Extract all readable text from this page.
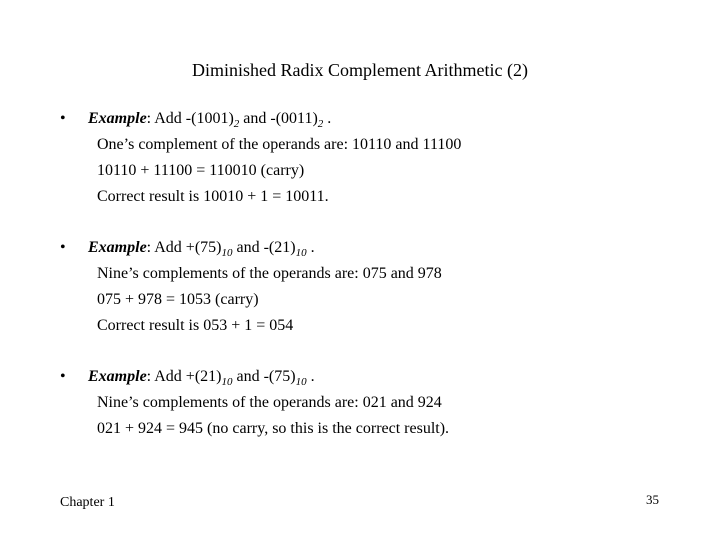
Diminished Radix Complement Arithmetic (2)
• Example: Add $-(1001)_2$ and $-(0011)_2$ .
One’s complement of the operands are: 10110 and 11100
10110 + 11100 = 110010 (carry)
Correct result is 10010 + 1 = 10011.
• Example: Add $+(75)_{10}$ and $-(21)_{10}$ .
Nine’s complements of the operands are: 075 and 978
075 + 978 = 1053 (carry)
Correct result is 053 + 1 = 054
• Example: Add $+(21)_{10}$ and $-(75)_{10}$ .
Nine’s complements of the operands are: 021 and 924
021 + 924 = 945 (no carry, so this is the correct result).
Chapter 1	35
